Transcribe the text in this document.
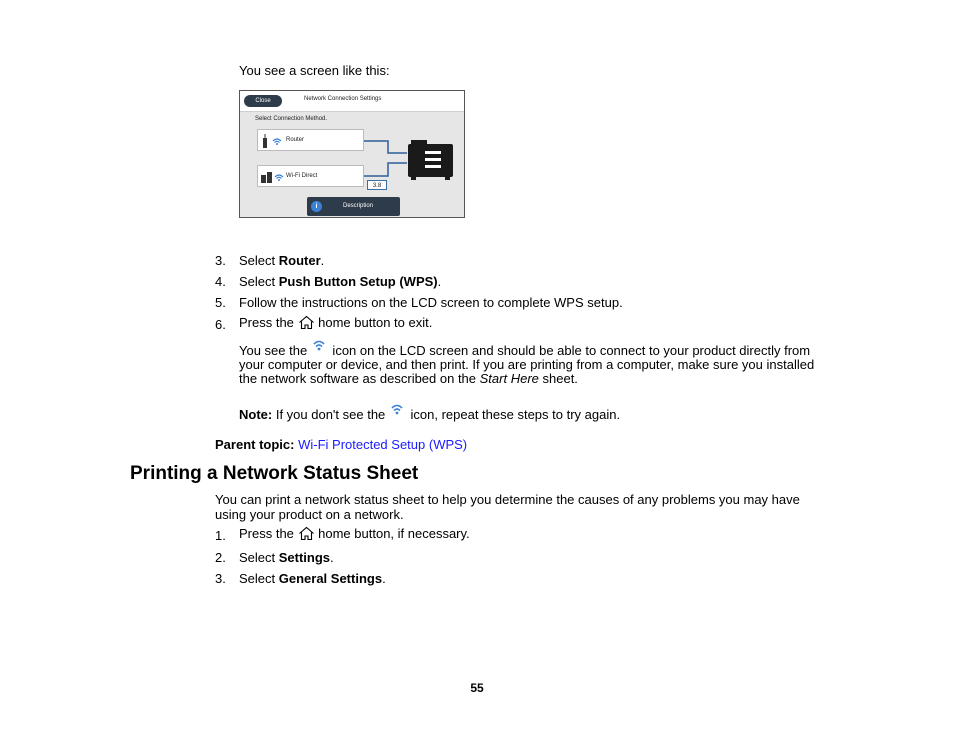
You see a screen like this:
Close	Network Connection Settings
Select Connection Method.
Router
Wi-Fi Direct
3.8
i	Description
3. Select Router.
4. Select Push Button Setup (WPS).
5. Follow the instructions on the LCD screen to complete WPS setup.
6. Press the  home button to exit.
You see the  icon on the LCD screen and should be able to connect to your product directly from
your computer or device, and then print. If you are printing from a computer, make sure you installed
the network software as described on the Start Here sheet.
Note: If you don't see the  icon, repeat these steps to try again.
Parent topic: Wi-Fi Protected Setup (WPS)
Printing a Network Status Sheet
You can print a network status sheet to help you determine the causes of any problems you may have
using your product on a network.
1. Press the  home button, if necessary.
2. Select Settings.
3. Select General Settings.
55
